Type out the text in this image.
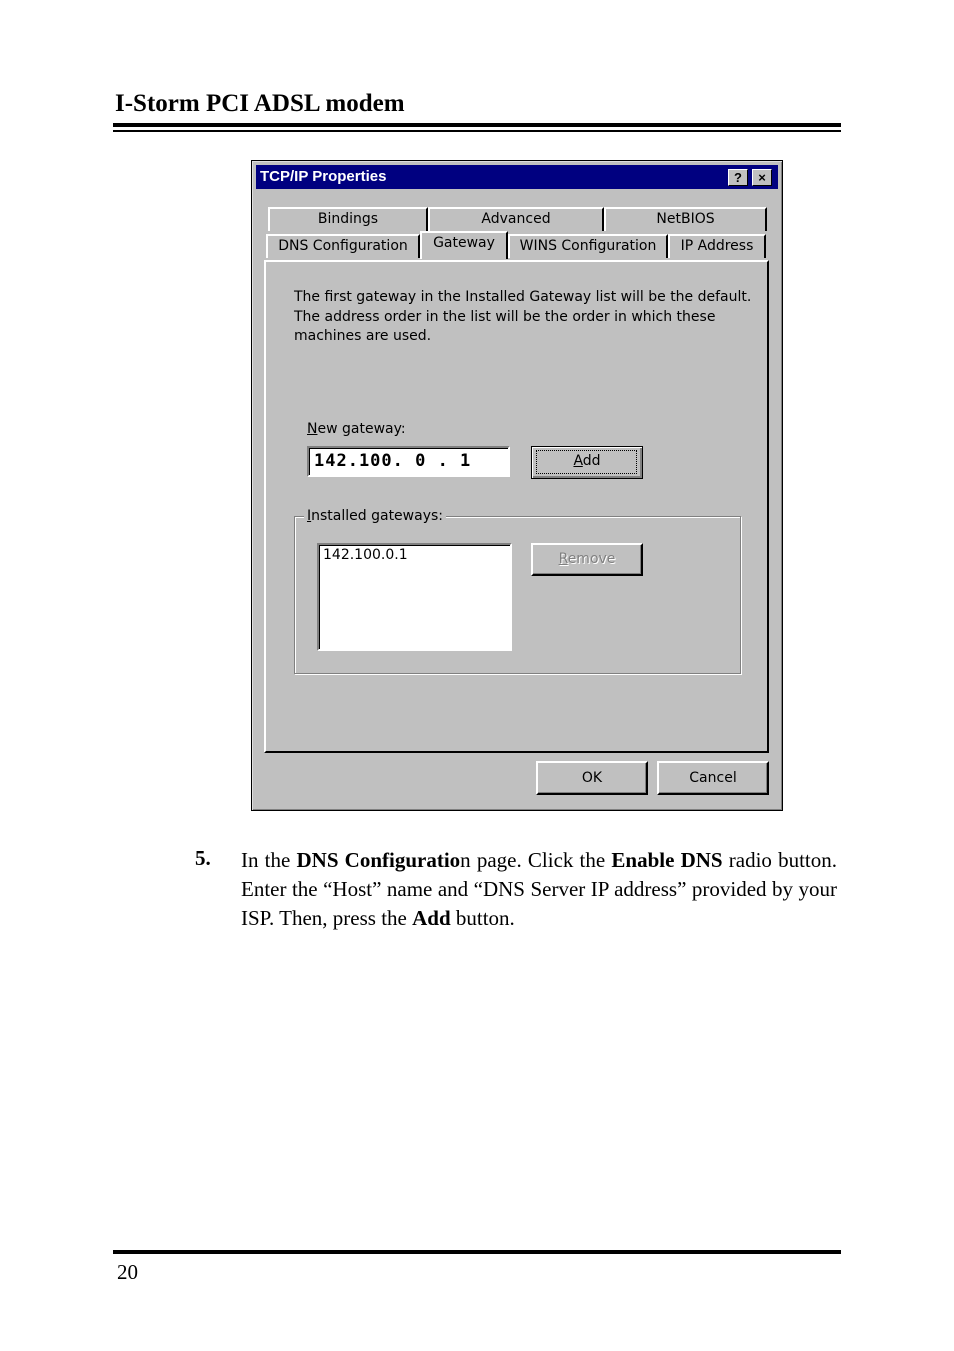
I-Storm PCI ADSL modem
TCP/IP Properties	?	×
Bindings	Advanced	NetBIOS
DNS Configuration	Gateway	WINS Configuration	IP Address
The first gateway in the Installed Gateway list will be the default. The address order in the list will be the order in which these machines are used.
New gateway:
142.100. 0 . 1	Add
Installed gateways:
142.100.0.1	Remove
OK	Cancel
5. In the DNS Configuration page. Click the Enable DNS radio button. Enter the “Host” name and “DNS Server IP address” provided by your ISP. Then, press the Add button.
20
